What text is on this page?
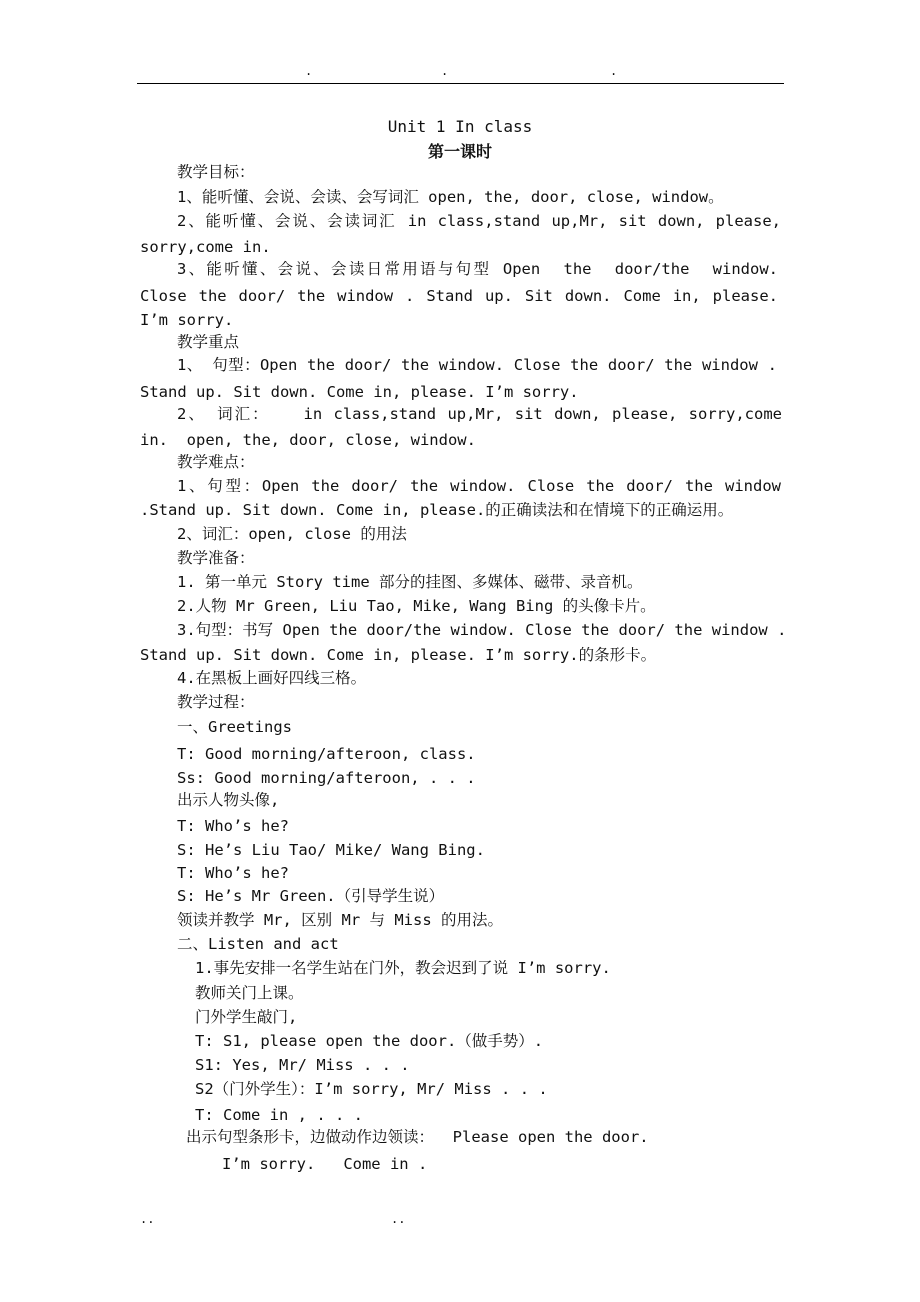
.	.	.
Unit 1 In class
第一课时
教学目标：
1、能听懂、会说、会读、会写词汇 open, the, door, close, window。
2、能听懂、会说、会读词汇 in class,stand up,Mr, sit down, please,
sorry,come in.
3、能听懂、会说、会读日常用语与句型 Open  the  door/the  window.
Close the door/ the window . Stand up. Sit down. Come in, please.
I’m sorry.
教学重点
1、 句型：Open the door/ the window. Close the door/ the window .
Stand up. Sit down. Come in, please. I’m sorry.
2、 词汇：   in class,stand up,Mr, sit down, please, sorry,come
in.  open, the, door, close, window.
教学难点：
1、句型：Open the door/ the window. Close the door/ the window
.Stand up. Sit down. Come in, please.的正确读法和在情境下的正确运用。
2、词汇：open, close 的用法
教学准备：
1. 第一单元 Story time 部分的挂图、多媒体、磁带、录音机。
2.人物 Mr Green, Liu Tao, Mike, Wang Bing 的头像卡片。
3.句型：书写 Open the door/the window. Close the door/ the window .
Stand up. Sit down. Come in, please. I’m sorry.的条形卡。
4.在黑板上画好四线三格。
教学过程：
一、Greetings
T: Good morning/afteroon, class.
Ss: Good morning/afteroon, . . .
出示人物头像,
T: Who’s he?
S: He’s Liu Tao/ Mike/ Wang Bing.
T: Who’s he?
S: He’s Mr Green.（引导学生说）
领读并教学 Mr, 区别 Mr 与 Miss 的用法。
二、Listen and act
1.事先安排一名学生站在门外，教会迟到了说 I’m sorry.
教师关门上课。
门外学生敲门,
T: S1, please open the door.（做手势）.
S1: Yes, Mr/ Miss . . .
S2（门外学生）：I’m sorry, Mr/ Miss . . .
T: Come in , . . .
出示句型条形卡，边做动作边领读：  Please open the door.
I’m sorry.   Come in .
..	..
